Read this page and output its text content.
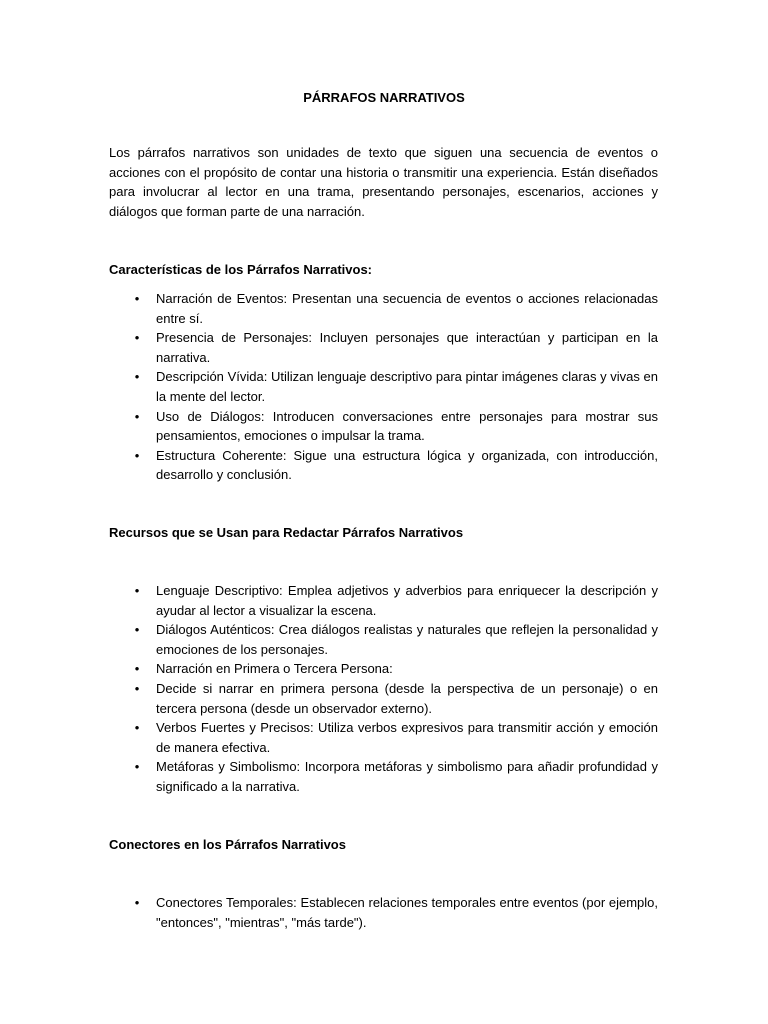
PÁRRAFOS NARRATIVOS
Los párrafos narrativos son unidades de texto que siguen una secuencia de eventos o acciones con el propósito de contar una historia o transmitir una experiencia. Están diseñados para involucrar al lector en una trama, presentando personajes, escenarios, acciones y diálogos que forman parte de una narración.
Características de los Párrafos Narrativos:
• Narración de Eventos: Presentan una secuencia de eventos o acciones relacionadas entre sí.
• Presencia de Personajes: Incluyen personajes que interactúan y participan en la narrativa.
• Descripción Vívida: Utilizan lenguaje descriptivo para pintar imágenes claras y vivas en la mente del lector.
• Uso de Diálogos: Introducen conversaciones entre personajes para mostrar sus pensamientos, emociones o impulsar la trama.
• Estructura Coherente: Sigue una estructura lógica y organizada, con introducción, desarrollo y conclusión.
Recursos que se Usan para Redactar Párrafos Narrativos
• Lenguaje Descriptivo: Emplea adjetivos y adverbios para enriquecer la descripción y ayudar al lector a visualizar la escena.
• Diálogos Auténticos: Crea diálogos realistas y naturales que reflejen la personalidad y emociones de los personajes.
• Narración en Primera o Tercera Persona:
• Decide si narrar en primera persona (desde la perspectiva de un personaje) o en tercera persona (desde un observador externo).
• Verbos Fuertes y Precisos: Utiliza verbos expresivos para transmitir acción y emoción de manera efectiva.
• Metáforas y Simbolismo: Incorpora metáforas y simbolismo para añadir profundidad y significado a la narrativa.
Conectores en los Párrafos Narrativos
• Conectores Temporales: Establecen relaciones temporales entre eventos (por ejemplo, "entonces", "mientras", "más tarde").
